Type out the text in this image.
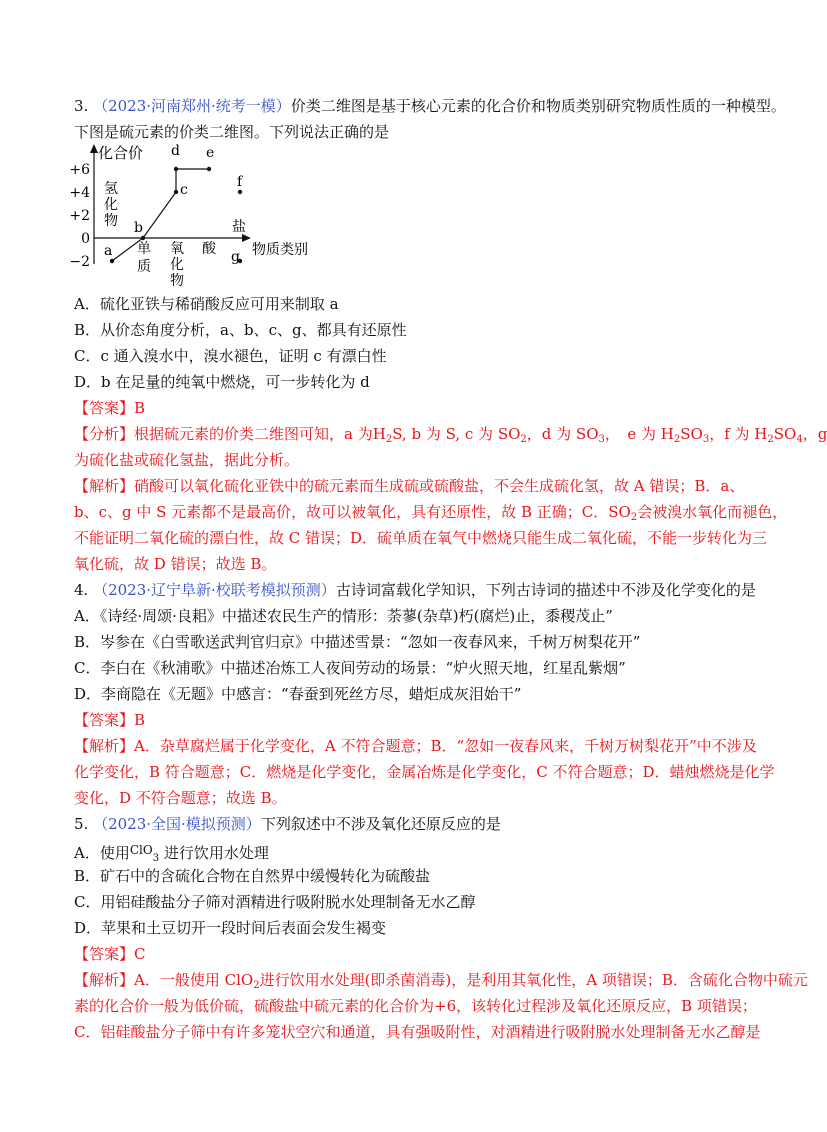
3. （2023·河南郑州·统考一模）价类二维图是基于核心元素的化合价和物质类别研究物质性质的一种模型。
下图是硫元素的价类二维图。下列说法正确的是
化合价
物质类别
+6
+4
+2
0
−2
氢
化
物
单
质
氧
化
物
酸
盐
a
b
c
d e
f
g
A．硫化亚铁与稀硝酸反应可用来制取 a
B．从价态角度分析，a、b、c、g、都具有还原性
C．c 通入溴水中，溴水褪色，证明 c 有漂白性
D．b 在足量的纯氧中燃烧，可一步转化为 d
【答案】B
【分析】根据硫元素的价类二维图可知，a 为$H_2S$, b 为 S, c 为 $SO_2$，d 为 $SO_3$，　e 为 $H_2SO_3$，f 为 $H_2SO_4$，g
为硫化盐或硫化氢盐，据此分析。
【解析】硝酸可以氧化硫化亚铁中的硫元素而生成硫或硫酸盐，不会生成硫化氢，故 A 错误；B．a、
b、c、g 中 S 元素都不是最高价，故可以被氧化，具有还原性，故 B 正确；C．$SO_2$会被溴水氧化而褪色，
不能证明二氧化硫的漂白性，故 C 错误；D．硫单质在氧气中燃烧只能生成二氧化硫，不能一步转化为三
氧化硫，故 D 错误；故选 B。
4. （2023·辽宁阜新·校联考模拟预测）古诗词富载化学知识，下列古诗词的描述中不涉及化学变化的是
A．《诗经·周颂·良耜》中描述农民生产的情形：荼蓼(杂草)朽(腐烂)止，黍稷茂止”
B．岑参在《白雪歌送武判官归京》中描述雪景：“忽如一夜春风来，千树万树梨花开”
C．李白在《秋浦歌》中描述冶炼工人夜间劳动的场景：“炉火照天地，红星乱紫烟”
D．李商隐在《无题》中感言：“春蚕到死丝方尽，蜡炬成灰泪始干”
【答案】B
【解析】A．杂草腐烂属于化学变化，A 不符合题意；B．“忽如一夜春风来，千树万树梨花开”中不涉及
化学变化，B 符合题意；C．燃烧是化学变化，金属冶炼是化学变化，C 不符合题意；D．蜡烛燃烧是化学
变化，D 不符合题意；故选 B。
5. （2023·全国·模拟预测）下列叙述中不涉及氧化还原反应的是
A．使用$^{ClO}_3$ 进行饮用水处理
B．矿石中的含硫化合物在自然界中缓慢转化为硫酸盐
C．用铝硅酸盐分子筛对酒精进行吸附脱水处理制备无水乙醇
D．苹果和土豆切开一段时间后表面会发生褐变
【答案】C
【解析】A．一般使用 ClO$_2$进行饮用水处理(即杀菌消毒)，是利用其氧化性，A 项错误；B．含硫化合物中硫元
素的化合价一般为低价硫，硫酸盐中硫元素的化合价为+6，该转化过程涉及氧化还原反应，B 项错误；
C．铝硅酸盐分子筛中有许多笼状空穴和通道，具有强吸附性，对酒精进行吸附脱水处理制备无水乙醇是
